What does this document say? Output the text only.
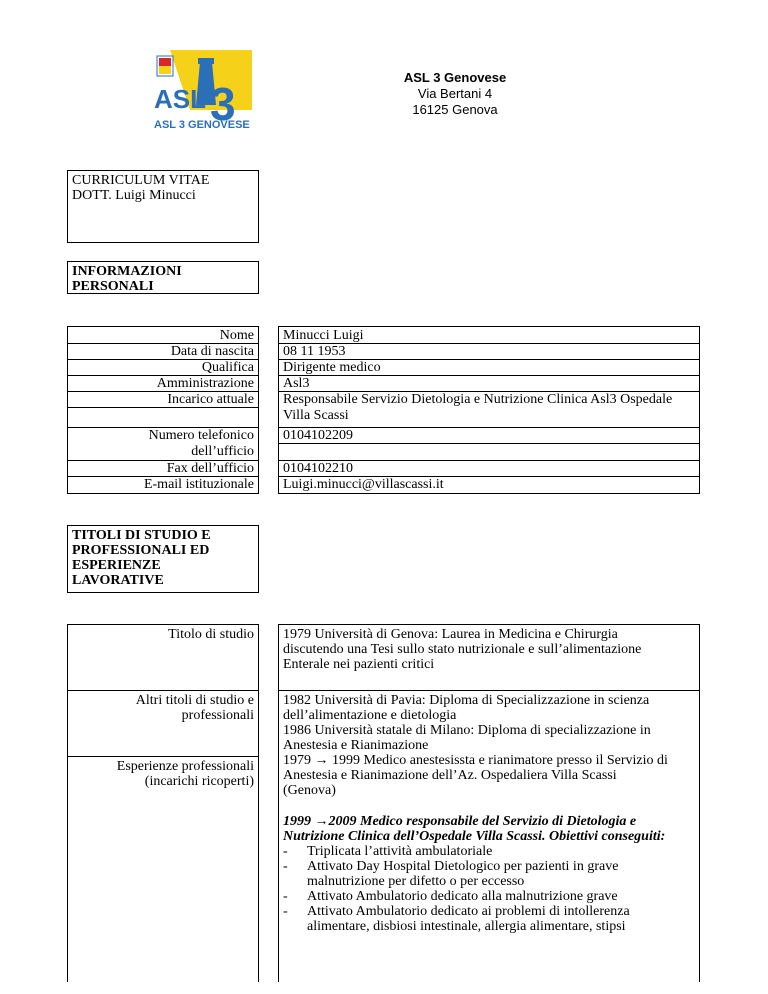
ASL 3
ASL 3 GENOVESE
ASL 3 Genovese
Via Bertani 4
16125 Genova
CURRICULUM VITAE
DOTT. Luigi Minucci
INFORMAZIONI
PERSONALI
Nome
Data di nascita
Qualifica
Amministrazione
Incarico attuale
Numero telefonico
dell’ufficio
Fax dell’ufficio
E-mail istituzionale
Minucci Luigi
08 11 1953
Dirigente medico
Asl3
Responsabile Servizio Dietologia e Nutrizione Clinica Asl3 Ospedale
Villa Scassi
0104102209
0104102210
Luigi.minucci@villascassi.it
TITOLI DI STUDIO E
PROFESSIONALI ED
ESPERIENZE
LAVORATIVE
Titolo di studio
Altri titoli di studio e
professionali
Esperienze professionali
(incarichi ricoperti)
1979 Università di Genova: Laurea in Medicina e Chirurgia
discutendo una Tesi sullo stato nutrizionale e sull’alimentazione
Enterale nei pazienti critici
1982 Università di Pavia: Diploma di Specializzazione in scienza
dell’alimentazione e dietologia
1986 Università statale di Milano: Diploma di specializzazione in
Anestesia e Rianimazione
1979 → 1999 Medico anestesissta e rianimatore presso il Servizio di
Anestesia e Rianimazione dell’Az. Ospedaliera Villa Scassi
(Genova)
1999 →2009 Medico responsabile del Servizio di Dietologia e
Nutrizione Clinica dell’Ospedale Villa Scassi. Obiettivi conseguiti:
- Triplicata l’attività ambulatoriale
- Attivato Day Hospital Dietologico per pazienti in grave
malnutrizione per difetto o per eccesso
- Attivato Ambulatorio dedicato alla malnutrizione grave
- Attivato Ambulatorio dedicato ai problemi di intollerenza
alimentare, disbiosi intestinale, allergia alimentare, stipsi
